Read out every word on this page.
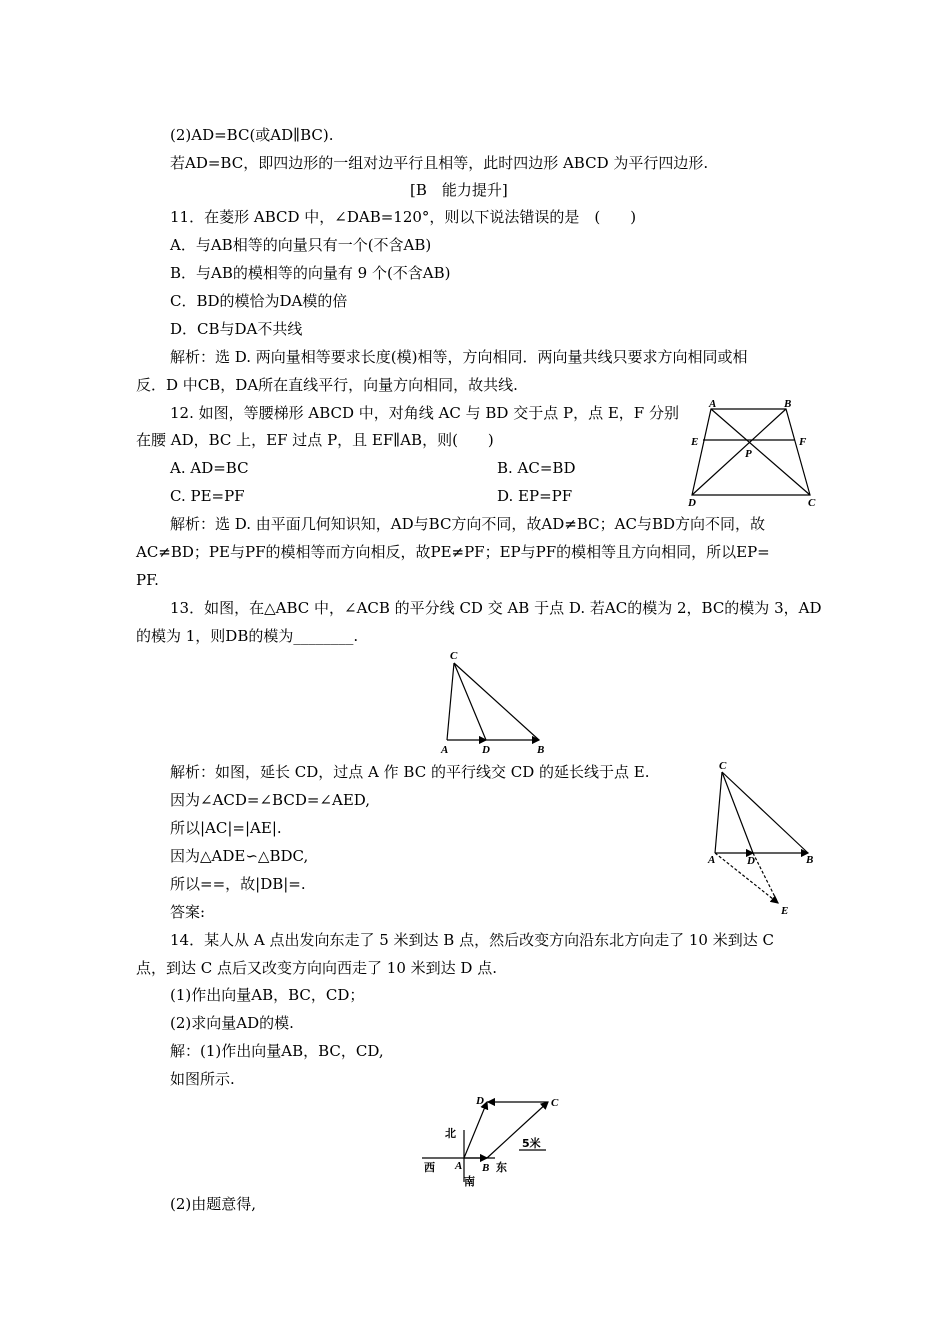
(2)AD=BC(或AD∥BC).
若AD=BC，即四边形的一组对边平行且相等，此时四边形 ABCD 为平行四边形.
[B　能力提升]
11．在菱形 ABCD 中，∠DAB=120°，则以下说法错误的是　(　　)
A．与AB相等的向量只有一个(不含AB)
B．与AB的模相等的向量有 9 个(不含AB)
C．BD的模恰为DA模的倍
D．CB与DA不共线
解析：选 D. 两向量相等要求长度(模)相等，方向相同．两向量共线只要求方向相同或相
反．D 中CB，DA所在直线平行，向量方向相同，故共线.
12. 如图，等腰梯形 ABCD 中，对角线 AC 与 BD 交于点 P，点 E，F 分别
在腰 AD，BC 上，EF 过点 P，且 EF∥AB，则(　　)
A. AD=BC	B. AC=BD
C. PE=PF	D. EP=PF
解析：选 D. 由平面几何知识知，AD与BC方向不同，故AD≠BC；AC与BD方向不同，故
AC≠BD；PE与PF的模相等而方向相反，故PE≠PF；EP与PF的模相等且方向相同，所以EP=
PF.
13．如图，在△ABC 中，∠ACB 的平分线 CD 交 AB 于点 D. 若AC的模为 2，BC的模为 3，AD
的模为 1，则DB的模为________.
解析：如图，延长 CD，过点 A 作 BC 的平行线交 CD 的延长线于点 E.
因为∠ACD=∠BCD=∠AED,
所以|AC|=|AE|.
因为△ADE∽△BDC,
所以==，故|DB|=.
答案:
14．某人从 A 点出发向东走了 5 米到达 B 点，然后改变方向沿东北方向走了 10 米到达 C
点，到达 C 点后又改变方向向西走了 10 米到达 D 点.
(1)作出向量AB，BC，CD；
(2)求向量AD的模.
解：(1)作出向量AB，BC，CD,
如图所示.
(2)由题意得,
A	B
C
D
E	F
P
C
A	D	B
C
A	D	B
E
北
南
西	东
A B
C
D
5米
